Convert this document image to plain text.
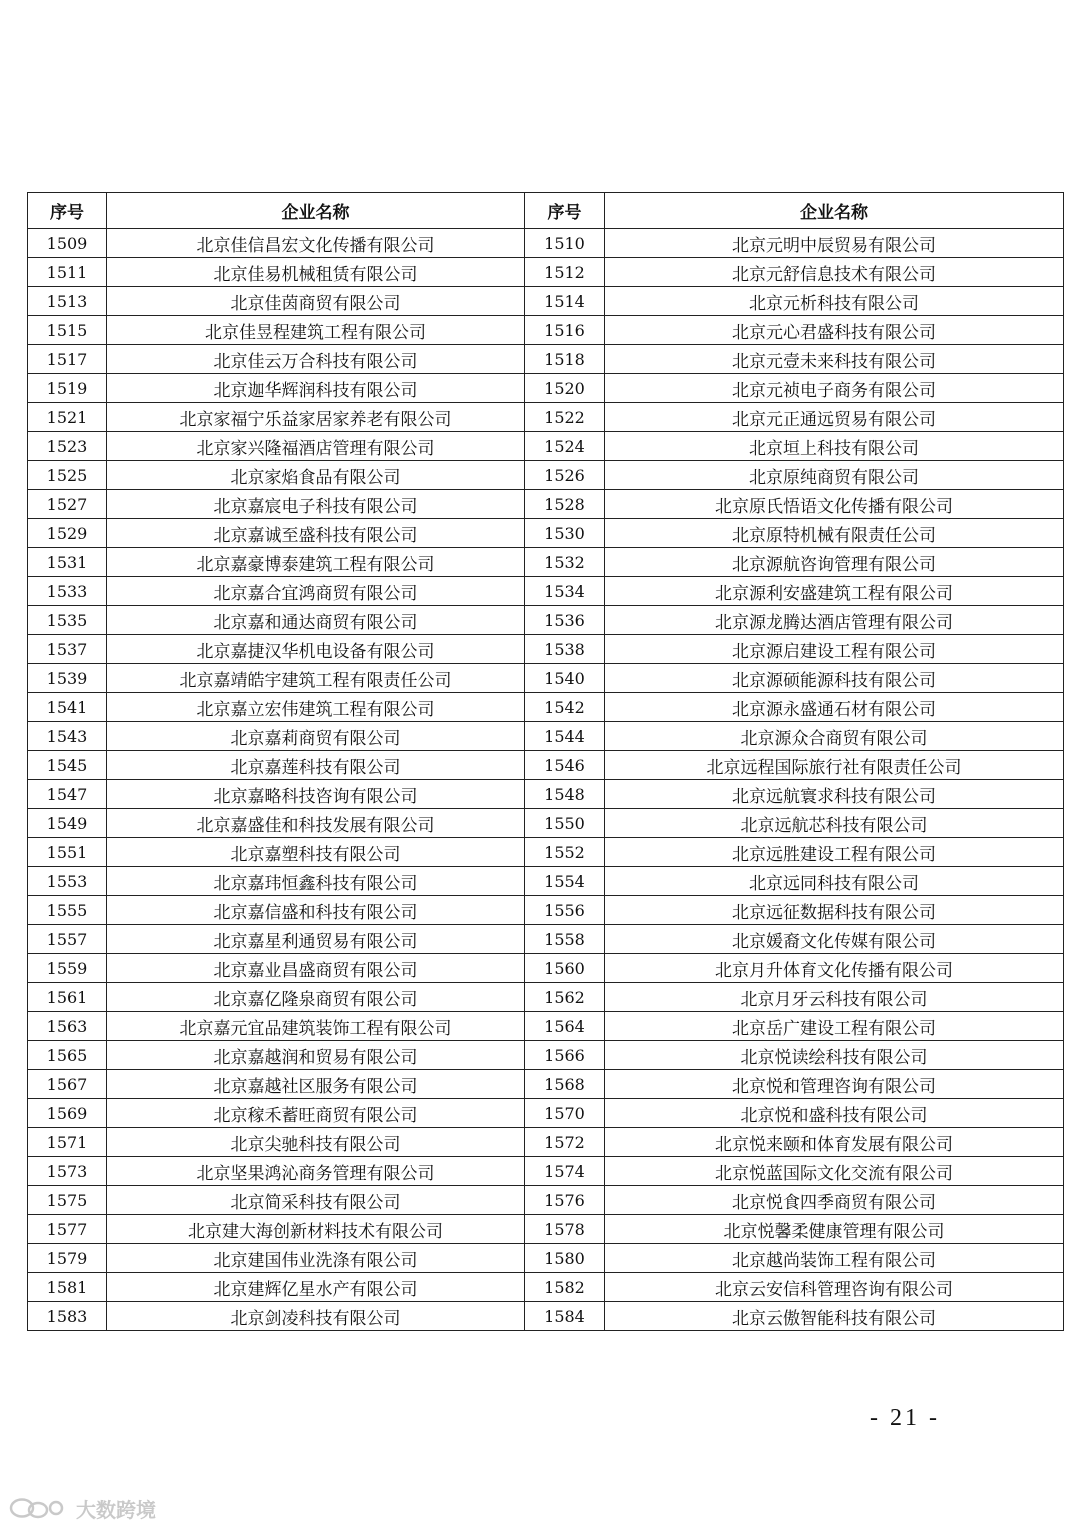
序号	企业名称	序号	企业名称
1509	北京佳信昌宏文化传播有限公司	1510	北京元明中辰贸易有限公司
1511	北京佳易机械租赁有限公司	1512	北京元舒信息技术有限公司
1513	北京佳茵商贸有限公司	1514	北京元析科技有限公司
1515	北京佳昱程建筑工程有限公司	1516	北京元心君盛科技有限公司
1517	北京佳云万合科技有限公司	1518	北京元壹未来科技有限公司
1519	北京迦华辉润科技有限公司	1520	北京元祯电子商务有限公司
1521	北京家福宁乐益家居家养老有限公司	1522	北京元正通远贸易有限公司
1523	北京家兴隆福酒店管理有限公司	1524	北京垣上科技有限公司
1525	北京家焰食品有限公司	1526	北京原纯商贸有限公司
1527	北京嘉宸电子科技有限公司	1528	北京原氏悟语文化传播有限公司
1529	北京嘉诚至盛科技有限公司	1530	北京原特机械有限责任公司
1531	北京嘉豪博泰建筑工程有限公司	1532	北京源航咨询管理有限公司
1533	北京嘉合宜鸿商贸有限公司	1534	北京源利安盛建筑工程有限公司
1535	北京嘉和通达商贸有限公司	1536	北京源龙腾达酒店管理有限公司
1537	北京嘉捷汉华机电设备有限公司	1538	北京源启建设工程有限公司
1539	北京嘉靖皓宇建筑工程有限责任公司	1540	北京源硕能源科技有限公司
1541	北京嘉立宏伟建筑工程有限公司	1542	北京源永盛通石材有限公司
1543	北京嘉莉商贸有限公司	1544	北京源众合商贸有限公司
1545	北京嘉莲科技有限公司	1546	北京远程国际旅行社有限责任公司
1547	北京嘉略科技咨询有限公司	1548	北京远航寰求科技有限公司
1549	北京嘉盛佳和科技发展有限公司	1550	北京远航芯科技有限公司
1551	北京嘉塑科技有限公司	1552	北京远胜建设工程有限公司
1553	北京嘉玮恒鑫科技有限公司	1554	北京远同科技有限公司
1555	北京嘉信盛和科技有限公司	1556	北京远征数据科技有限公司
1557	北京嘉星利通贸易有限公司	1558	北京媛裔文化传媒有限公司
1559	北京嘉业昌盛商贸有限公司	1560	北京月升体育文化传播有限公司
1561	北京嘉亿隆泉商贸有限公司	1562	北京月牙云科技有限公司
1563	北京嘉元宜品建筑装饰工程有限公司	1564	北京岳广建设工程有限公司
1565	北京嘉越润和贸易有限公司	1566	北京悦读绘科技有限公司
1567	北京嘉越社区服务有限公司	1568	北京悦和管理咨询有限公司
1569	北京稼禾蓄旺商贸有限公司	1570	北京悦和盛科技有限公司
1571	北京尖驰科技有限公司	1572	北京悦来颐和体育发展有限公司
1573	北京坚果鸿沁商务管理有限公司	1574	北京悦蓝国际文化交流有限公司
1575	北京简采科技有限公司	1576	北京悦食四季商贸有限公司
1577	北京建大海创新材料技术有限公司	1578	北京悦馨柔健康管理有限公司
1579	北京建国伟业洗涤有限公司	1580	北京越尚装饰工程有限公司
1581	北京建辉亿星水产有限公司	1582	北京云安信科管理咨询有限公司
1583	北京剑凌科技有限公司	1584	北京云傲智能科技有限公司
- 21 -
大数跨境
